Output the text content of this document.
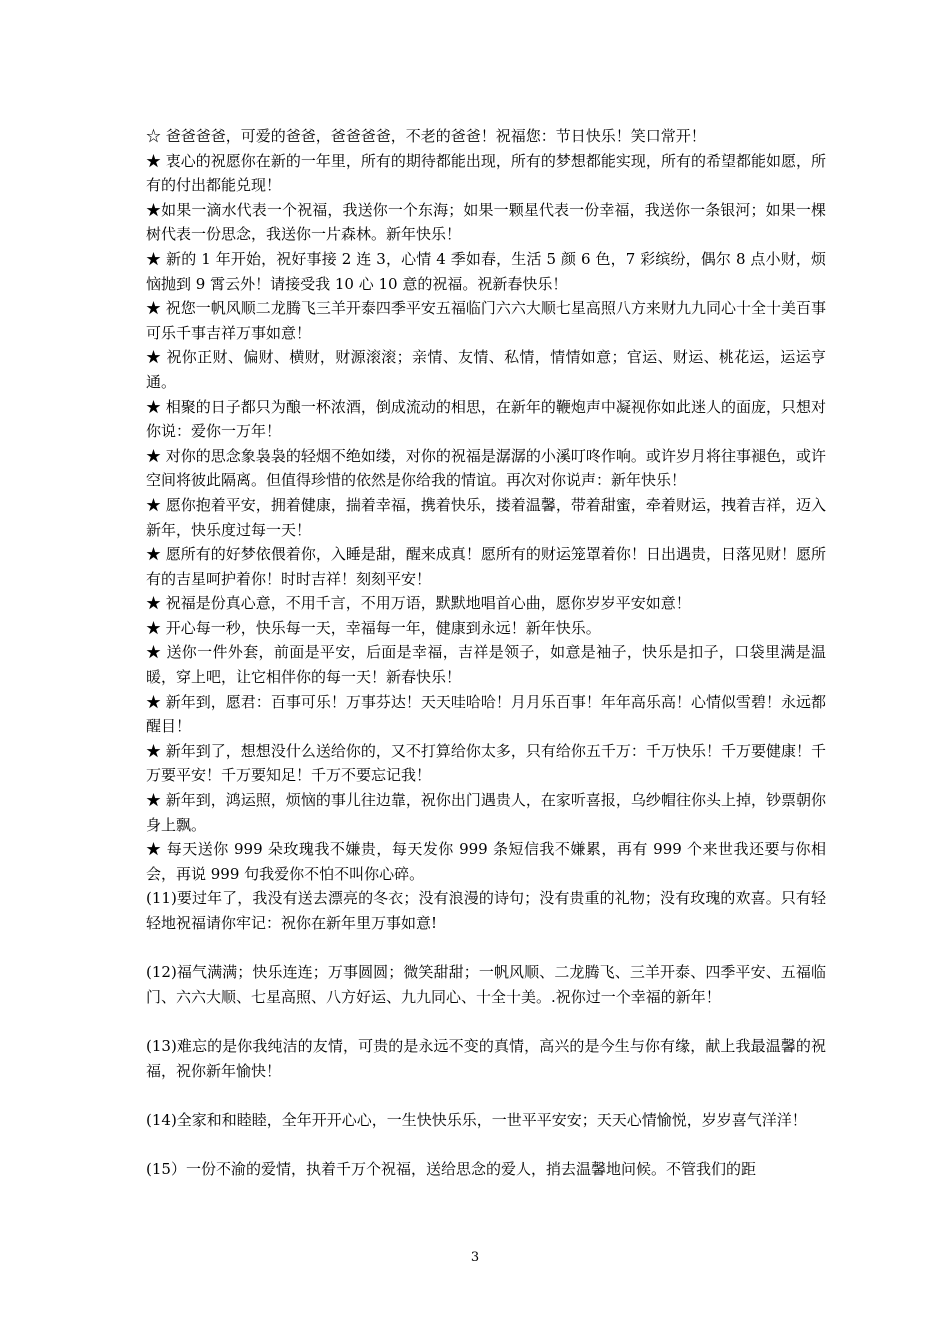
☆ 爸爸爸爸，可爱的爸爸，爸爸爸爸，不老的爸爸！祝福您：节日快乐！笑口常开！

★ 衷心的祝愿你在新的一年里，所有的期待都能出现，所有的梦想都能实现，所有的希望都能如愿，所有的付出都能兑现！

★如果一滴水代表一个祝福，我送你一个东海；如果一颗星代表一份幸福，我送你一条银河；如果一棵树代表一份思念，我送你一片森林。新年快乐！

★ 新的 1 年开始，祝好事接 2 连 3，心情 4 季如春，生活 5 颜 6 色，7 彩缤纷，偶尔 8 点小财，烦恼抛到 9 霄云外！请接受我 10 心 10 意的祝福。祝新春快乐！

★ 祝您一帆风顺二龙腾飞三羊开泰四季平安五福临门六六大顺七星高照八方来财九九同心十全十美百事可乐千事吉祥万事如意！

★ 祝你正财、偏财、横财，财源滚滚；亲情、友情、私情，情情如意；官运、财运、桃花运，运运亨通。

★ 相聚的日子都只为酿一杯浓酒，倒成流动的相思，在新年的鞭炮声中凝视你如此迷人的面庞，只想对你说：爱你一万年！

★ 对你的思念象袅袅的轻烟不绝如缕，对你的祝福是潺潺的小溪叮咚作响。或许岁月将往事褪色，或许空间将彼此隔离。但值得珍惜的依然是你给我的情谊。再次对你说声：新年快乐！

★ 愿你抱着平安，拥着健康，揣着幸福，携着快乐，搂着温馨，带着甜蜜，牵着财运，拽着吉祥，迈入新年，快乐度过每一天！

★ 愿所有的好梦依偎着你，入睡是甜，醒来成真！愿所有的财运笼罩着你！日出遇贵，日落见财！愿所有的吉星呵护着你！时时吉祥！刻刻平安！

★ 祝福是份真心意，不用千言，不用万语，默默地唱首心曲，愿你岁岁平安如意！

★ 开心每一秒，快乐每一天，幸福每一年，健康到永远！新年快乐。

★ 送你一件外套，前面是平安，后面是幸福，吉祥是领子，如意是袖子，快乐是扣子，口袋里满是温暖，穿上吧，让它相伴你的每一天！新春快乐！

★ 新年到，愿君：百事可乐！万事芬达！天天哇哈哈！月月乐百事！年年高乐高！心情似雪碧！永远都醒目！

★ 新年到了，想想没什么送给你的，又不打算给你太多，只有给你五千万：千万快乐！千万要健康！千万要平安！千万要知足！千万不要忘记我！

★ 新年到，鸿运照，烦恼的事儿往边靠，祝你出门遇贵人，在家听喜报，乌纱帽往你头上掉，钞票朝你身上飘。

★ 每天送你 999 朵玫瑰我不嫌贵，每天发你 999 条短信我不嫌累，再有 999 个来世我还要与你相会，再说 999 句我爱你不怕不叫你心碎。

(11)要过年了，我没有送去漂亮的冬衣；没有浪漫的诗句；没有贵重的礼物；没有玫瑰的欢喜。只有轻轻地祝福请你牢记：祝你在新年里万事如意!

(12)福气满满；快乐连连；万事圆圆；微笑甜甜；一帆风顺、二龙腾飞、三羊开泰、四季平安、五福临门、六六大顺、七星高照、八方好运、九九同心、十全十美。.祝你过一个幸福的新年！

(13)难忘的是你我纯洁的友情，可贵的是永远不变的真情，高兴的是今生与你有缘，献上我最温馨的祝福，祝你新年愉快！

(14)全家和和睦睦，全年开开心心，一生快快乐乐，一世平平安安；天天心情愉悦，岁岁喜气洋洋！

(15）一份不渝的爱情，执着千万个祝福，送给思念的爱人，捎去温馨地问候。不管我们的距

3
